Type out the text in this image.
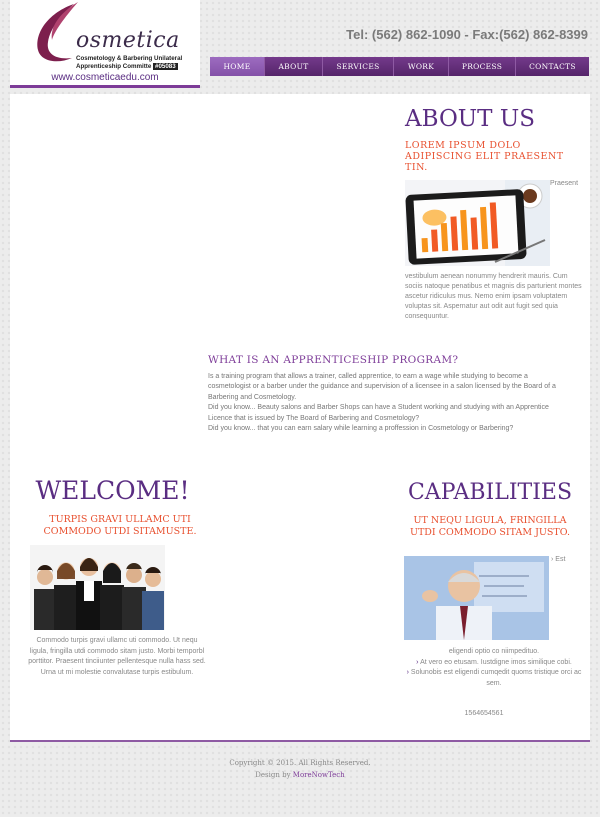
osmetica
Cosmetology & Barbering Unilateral Apprenticeship Committe #05083
www.cosmeticaedu.com
Tel: (562) 862-1090 - Fax:(562) 862-8399
HOME	ABOUT	SERVICES	WORK	PROCESS	CONTACTS
ABOUT US
LOREM IPSUM DOLO ADIPISCING ELIT PRAESENT TIN.
Praesent
vestibulum aenean nonummy hendrerit mauris. Cum sociis natoque penatibus et magnis dis parturient montes ascetur ridiculus mus. Nemo enim ipsam voluptatem voluptas sit. Aspernatur aut odit aut fugit sed quia consequuntur.
WHAT IS AN APPRENTICESHIP PROGRAM?
Is a training program that allows a trainer, called apprentice, to earn a wage while studying to become a cosmetologist or a barber under the guidance and supervision of a licensee in a salon licensed by the Board of a Barbering and Cosmetology.
Did you know... Beauty salons and Barber Shops can have a Student working and studying with an Apprentice Licence that is issued by The Board of Barbering and Cosmetology?
Did you know... that you can earn salary while learning a proffession in Cosmetology or Barbering?
WELCOME!
TURPIS GRAVI ULLAMC UTI COMMODO UTDI SITAMUSTE.
Commodo turpis gravi ullamc uti commodo. Ut nequ ligula, fringilla utdi commodo sitam justo. Morbi temporbl porttitor. Praesent tinciiunter pellentesque nulla hass sed. Urna ut mi molestie convalutase turpis estibulum.
CAPABILITIES
UT NEQU LIGULA, FRINGILLA UTDI COMMODO SITAM JUSTO.
› Est
eligendi optio co niimpedituo.
› At vero eo etusam. Iustdigne imos similique cobi.
› Solunobis est eligendi cumqedit quoms tristique orci ac sem.
1564654561
Copyright © 2015. All Rights Reserved.
Design by MoreNowTech
